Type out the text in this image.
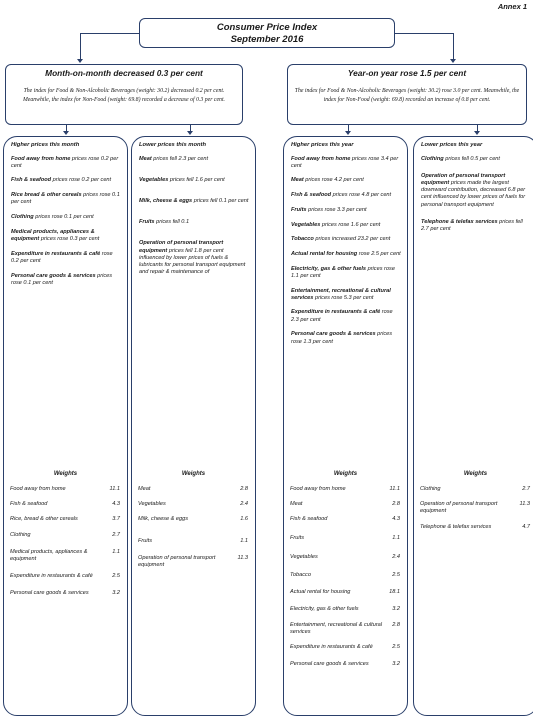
Annex 1
Consumer Price Index
September 2016
Month-on-month decreased 0.3 per cent
The index for Food & Non-Alcoholic Beverages (weight: 30.2) decreased 0.2 per cent. Meanwhile, the index for Non-Food (weight: 69.8) recorded a decrease of 0.3 per cent.
Year-on year rose 1.5 per cent
The index for Food & Non-Alcoholic Beverages (weight: 30.2) rose 3.0 per cent. Meanwhile, the index for Non-Food (weight: 69.8) recorded an increase of 0.8 per cent.
Higher prices this month
Food away from home prices rose 0.2 per cent
Fish & seafood prices rose 0.2 per cent
Rice bread & other cereals prices rose 0.1 per cent
Clothing prices rose 0.1 per cent
Medical products, appliances & equipment prices rose 0.3 per cent
Expenditure in restaurants & café rose 0.2 per cent
Personal care goods & services prices rose 0.1 per cent
Weights
Food away from home	11.1
Fish & seafood	4.3
Rice, bread & other cereals	3.7
Clothing	2.7
Medical products, appliances & equipment
1.1
Expenditure in restaurants & café	2.5
Personal care goods & services	3.2
Lower prices this month
Meat prices fell 2.3 per cent
Vegetables prices fell 1.6 per cent
Milk, cheese & eggs prices fell 0.1 per cent
Fruits prices fell 0.1
Operation of personal transport equipment prices fell 1.8 per cent influenced by lower prices of fuels & lubricants for personal transport equipment and repair & maintenance of
Weights
Meat	2.8
Vegetables	2.4
Milk, cheese & eggs	1.6
Fruits	1.1
Operation of personal transport equipment
11.3
Higher prices this year
Food away from home prices rose 3.4 per cent
Meat prices rose 4.2 per cent
Fish & seafood prices rose 4.8 per cent
Fruits prices rose 3.3 per cent
Vegetables prices rose 1.6 per cent
Tobacco prices increased 23.2 per cent
Actual rental for housing rose 2.5 per cent
Electricity, gas & other fuels prices rose 1.1 per cent
Entertainment, recreational & cultural services prices rose 5.3 per cent
Expenditure in restaurants & café rose 2.3 per cent
Personal care goods & services prices rose 1.3 per cent
Weights
Food away from home	11.1
Meat	2.8
Fish & seafood	4.3
Fruits	1.1
Vegetables	2.4
Tobacco	2.5
Actual rental for housing	18.1
Electricity, gas & other fuels	3.2
Entertainment, recreational & cultural services
2.8
Expenditure in restaurants & café	2.5
Personal care goods & services	3.2
Lower prices this year
Clothing prices fell 0.5 per cent
Operation of personal transport equipment prices made the largest downward contribution, decreased 6.8 per cent influenced by lower prices of fuels for personal transport equipment
Telephone & telefax services prices fell 2.7 per cent
Weights
Clothing	2.7
Operation of personal transport equipment
11.3
Telephone & telefax services	4.7
